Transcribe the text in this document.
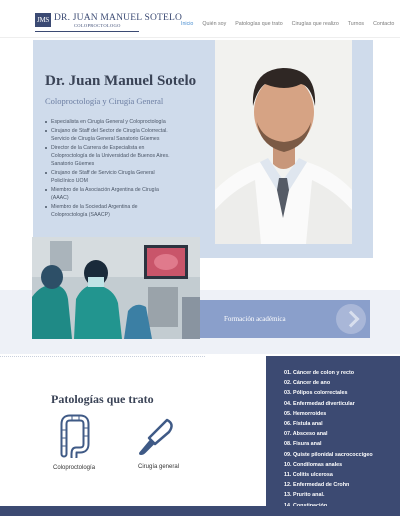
JMS DR. JUAN MANUEL SOTELO
COLOPROCTOLOGO	Inicio Quién soy Patologías que trato Cirugías que realizo Turnos Contacto
Dr. Juan Manuel Sotelo
Coloproctología y Cirugía General
Especialista en Cirugía General y Coloproctología
Cirujano de Staff del Sector de Cirugía Colorrectal. Servicio de Cirugía General Sanatorio Güemes
Director de la Carrera de Especialista en Coloproctología de la Universidad de Buenos Aires. Sanatorio Güemes
Cirujano de Staff de Servicio Cirugía General Policlínico UOM
Miembro de la Asociación Argentina de Cirugía (AAAC)
Miembro de la Sociedad Argentina de Coloproctología (SAACP)
Formación académica
Patologías que trato
Coloproctología	Cirugía general
01. Cáncer de colon y recto
02. Cáncer de ano
03. Pólipos colorrectales
04. Enfermedad diverticular
05. Hemorroides
06. Fístula anal
07. Absceso anal
08. Fisura anal
09. Quiste pilonidal sacrococcígeo
10. Condilomas anales
11. Colitis ulcerosa
12. Enfermedad de Crohn
13. Prurito anal.
